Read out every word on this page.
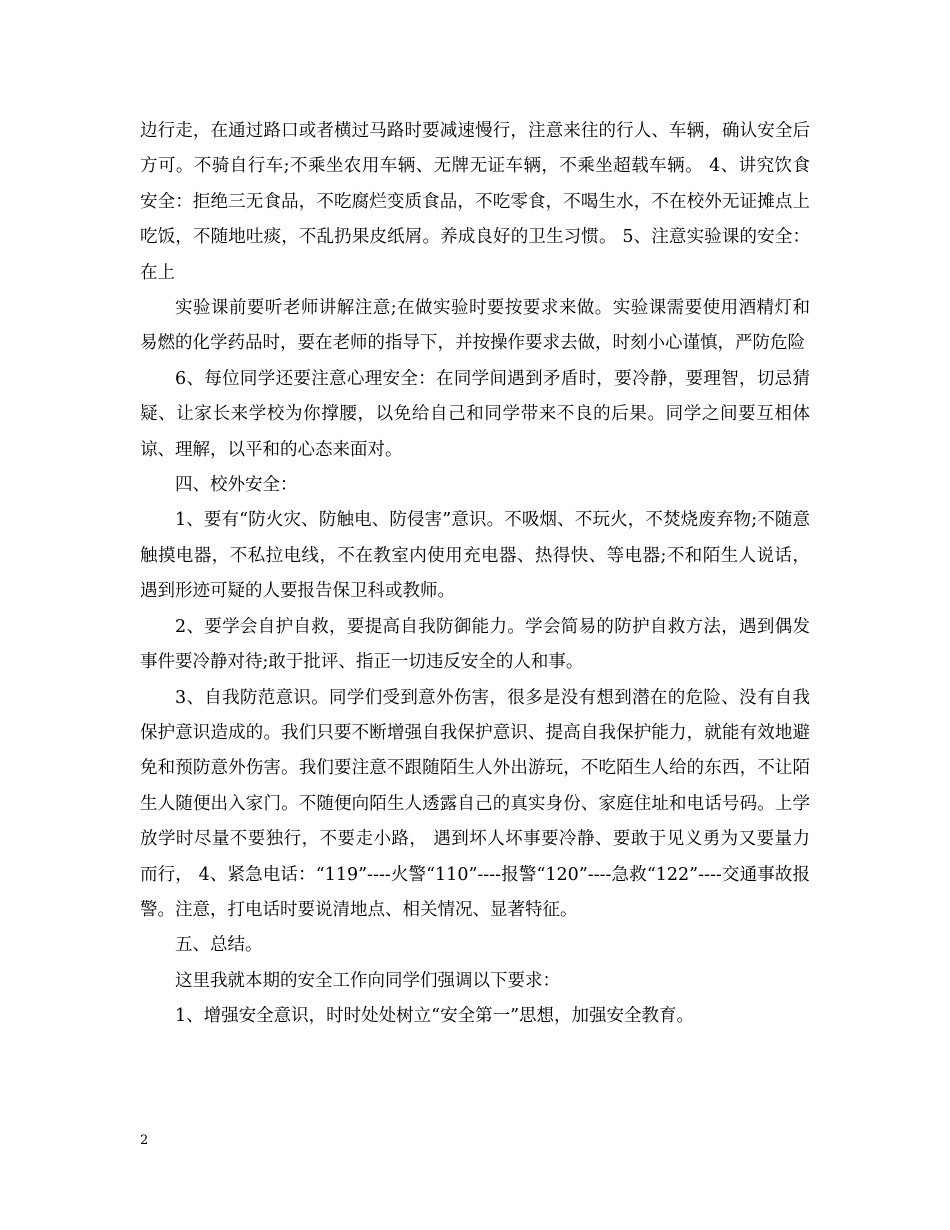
边行走，在通过路口或者横过马路时要减速慢行，注意来往的行人、车辆，确认安全后方可。不骑自行车;不乘坐农用车辆、无牌无证车辆，不乘坐超载车辆。 4、讲究饮食安全：拒绝三无食品，不吃腐烂变质食品，不吃零食，不喝生水，不在校外无证摊点上吃饭，不随地吐痰，不乱扔果皮纸屑。养成良好的卫生习惯。 5、注意实验课的安全：在上

实验课前要听老师讲解注意;在做实验时要按要求来做。实验课需要使用酒精灯和易燃的化学药品时，要在老师的指导下，并按操作要求去做，时刻小心谨慎，严防危险

6、每位同学还要注意心理安全：在同学间遇到矛盾时，要冷静，要理智，切忌猜疑、让家长来学校为你撑腰，以免给自己和同学带来不良的后果。同学之间要互相体谅、理解，以平和的心态来面对。

四、校外安全：

1、要有“防火灾、防触电、防侵害”意识。不吸烟、不玩火，不焚烧废弃物;不随意触摸电器，不私拉电线，不在教室内使用充电器、热得快、等电器;不和陌生人说话，遇到形迹可疑的人要报告保卫科或教师。

2、要学会自护自救，要提高自我防御能力。学会简易的防护自救方法，遇到偶发事件要冷静对待;敢于批评、指正一切违反安全的人和事。

3、自我防范意识。同学们受到意外伤害，很多是没有想到潜在的危险、没有自我保护意识造成的。我们只要不断增强自我保护意识、提高自我保护能力，就能有效地避免和预防意外伤害。我们要注意不跟随陌生人外出游玩，不吃陌生人给的东西，不让陌生人随便出入家门。不随便向陌生人透露自己的真实身份、家庭住址和电话号码。上学放学时尽量不要独行，不要走小路， 遇到坏人坏事要冷静、要敢于见义勇为又要量力而行， 4、紧急电话：“119”----火警“110”----报警“120”----急救“122”----交通事故报警。注意，打电话时要说清地点、相关情况、显著特征。

五、总结。

这里我就本期的安全工作向同学们强调以下要求：

1、增强安全意识，时时处处树立“安全第一”思想，加强安全教育。

2
